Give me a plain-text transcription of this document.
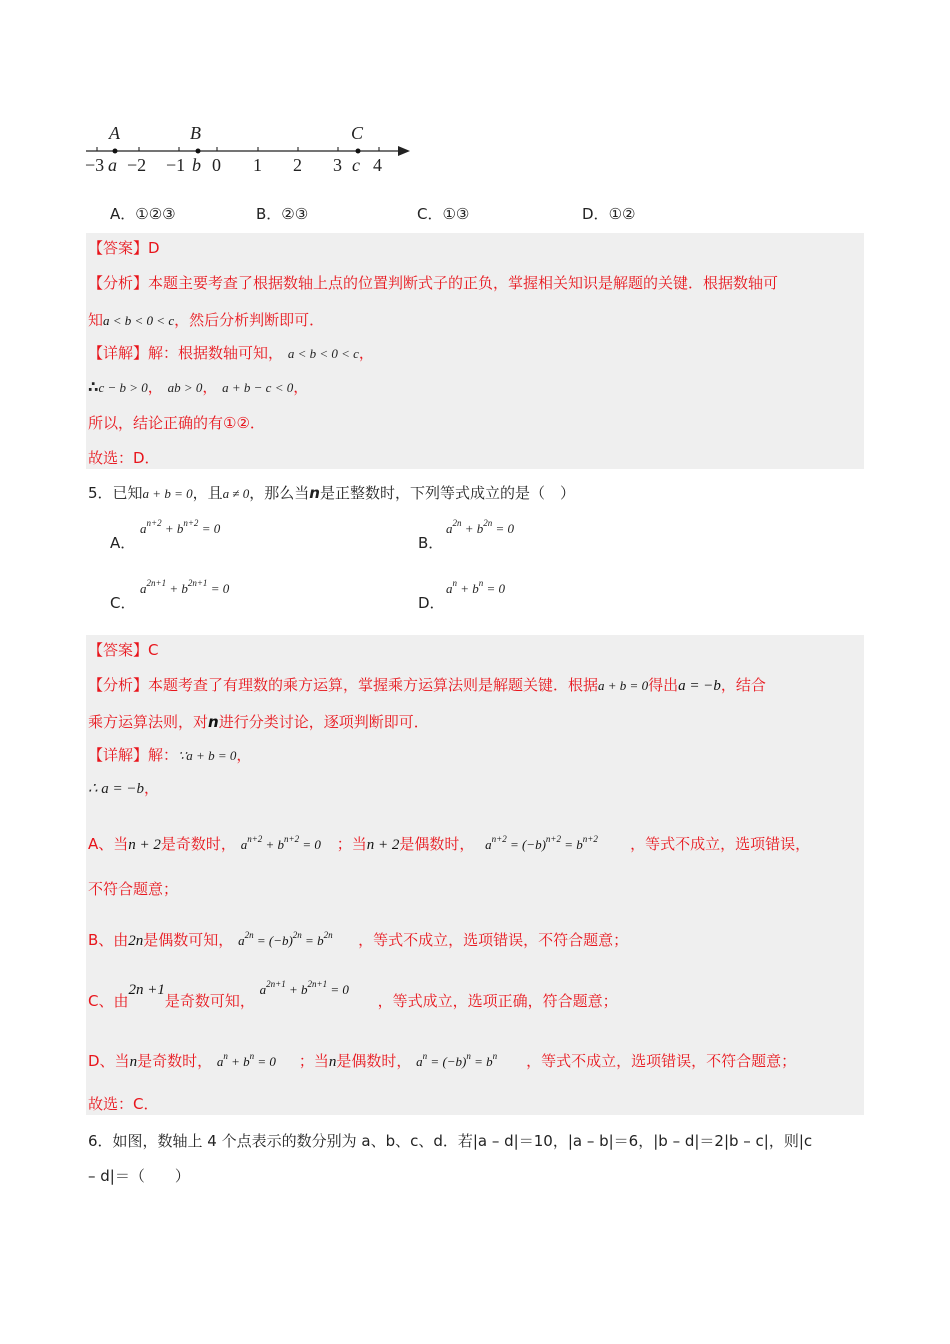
A	B	C
−3 a −2 −1 b 0 1 2 3 c 4
A．①②③	B．②③	C．①③	D．①②
【答案】D
【分析】本题主要考查了根据数轴上点的位置判断式子的正负，掌握相关知识是解题的关键．根据数轴可
知a < b < 0 < c，然后分析判断即可．
【详解】解：根据数轴可知， a < b < 0 < c，
∴c − b > 0， ab > 0， a + b − c < 0，
所以，结论正确的有①②．
故选：D．
5．已知a + b = 0，且a ≠ 0，那么当n是正整数时，下列等式成立的是（　）
A．
$a^{n+2} + b^{n+2} = 0$
B．
$a^{2n} + b^{2n} = 0$
C．
$a^{2n+1} + b^{2n+1} = 0$
D．
$a^n + b^n = 0$
【答案】C
【分析】本题考查了有理数的乘方运算，掌握乘方运算法则是解题关键．根据a + b = 0得出a = −b，结合
乘方运算法则，对n进行分类讨论，逐项判断即可．
【详解】解：∵a + b = 0，
∴ a = −b，
A、当n + 2是奇数时， $a^{n+2} + b^{n+2} = 0$ ；当n + 2是偶数时， $a^{n+2} = (-b)^{n+2} = b^{n+2}$ ，等式不成立，选项错误，
不符合题意；
B、由2n是偶数可知， $a^{2n} = (-b)^{2n} = b^{2n}$ ，等式不成立，选项错误，不符合题意；
C、由2n +1是奇数可知， $a^{2n+1} + b^{2n+1} = 0$，等式成立，选项正确，符合题意；
D、当n是奇数时， $a^n + b^n = 0$ ；当n是偶数时， $a^n = (-b)^n = b^n$ ，等式不成立，选项错误，不符合题意；
故选：C．
6．如图，数轴上 4 个点表示的数分别为 a、b、c、d．若|a – d|＝10，|a – b|＝6，|b – d|＝2|b – c|，则|c
– d|＝（　　）
